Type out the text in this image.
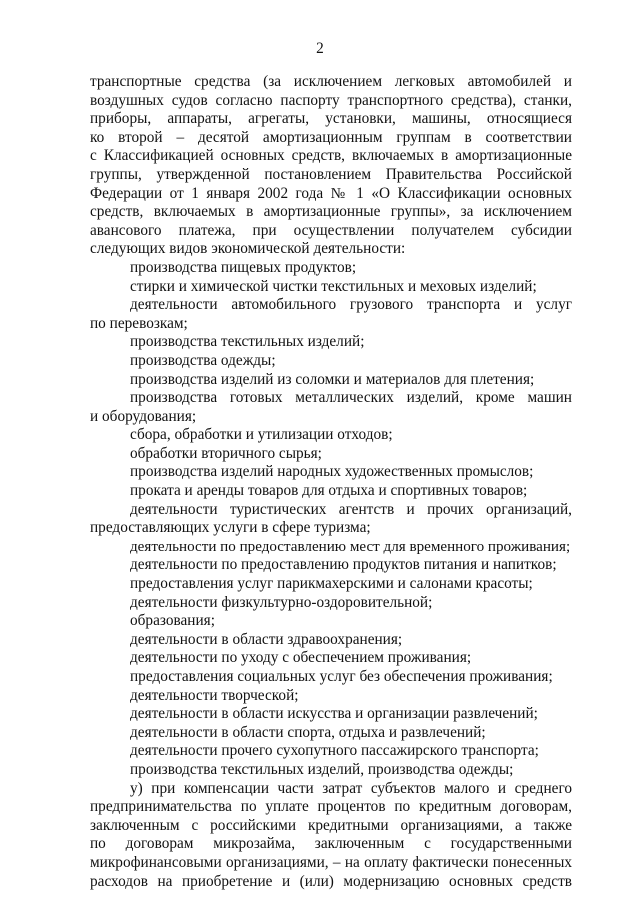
2
транспортные средства (за исключением легковых автомобилей и
воздушных судов согласно паспорту транспортного средства), станки,
приборы, аппараты, агрегаты, установки, машины, относящиеся
ко второй – десятой амортизационным группам в соответствии
с Классификацией основных средств, включаемых в амортизационные
группы, утвержденной постановлением Правительства Российской
Федерации от 1 января 2002 года № 1 «О Классификации основных
средств, включаемых в амортизационные группы», за исключением
авансового платежа, при осуществлении получателем субсидии
следующих видов экономической деятельности:
производства пищевых продуктов;
стирки и химической чистки текстильных и меховых изделий;
деятельности автомобильного грузового транспорта и услуг
по перевозкам;
производства текстильных изделий;
производства одежды;
производства изделий из соломки и материалов для плетения;
производства готовых металлических изделий, кроме машин
и оборудования;
сбора, обработки и утилизации отходов;
обработки вторичного сырья;
производства изделий народных художественных промыслов;
проката и аренды товаров для отдыха и спортивных товаров;
деятельности туристических агентств и прочих организаций,
предоставляющих услуги в сфере туризма;
деятельности по предоставлению мест для временного проживания;
деятельности по предоставлению продуктов питания и напитков;
предоставления услуг парикмахерскими и салонами красоты;
деятельности физкультурно-оздоровительной;
образования;
деятельности в области здравоохранения;
деятельности по уходу с обеспечением проживания;
предоставления социальных услуг без обеспечения проживания;
деятельности творческой;
деятельности в области искусства и организации развлечений;
деятельности в области спорта, отдыха и развлечений;
деятельности прочего сухопутного пассажирского транспорта;
производства текстильных изделий, производства одежды;
у) при компенсации части затрат субъектов малого и среднего
предпринимательства по уплате процентов по кредитным договорам,
заключенным с российскими кредитными организациями, а также
по договорам микрозайма, заключенным с государственными
микрофинансовыми организациями, – на оплату фактически понесенных
расходов на приобретение и (или) модернизацию основных средств
